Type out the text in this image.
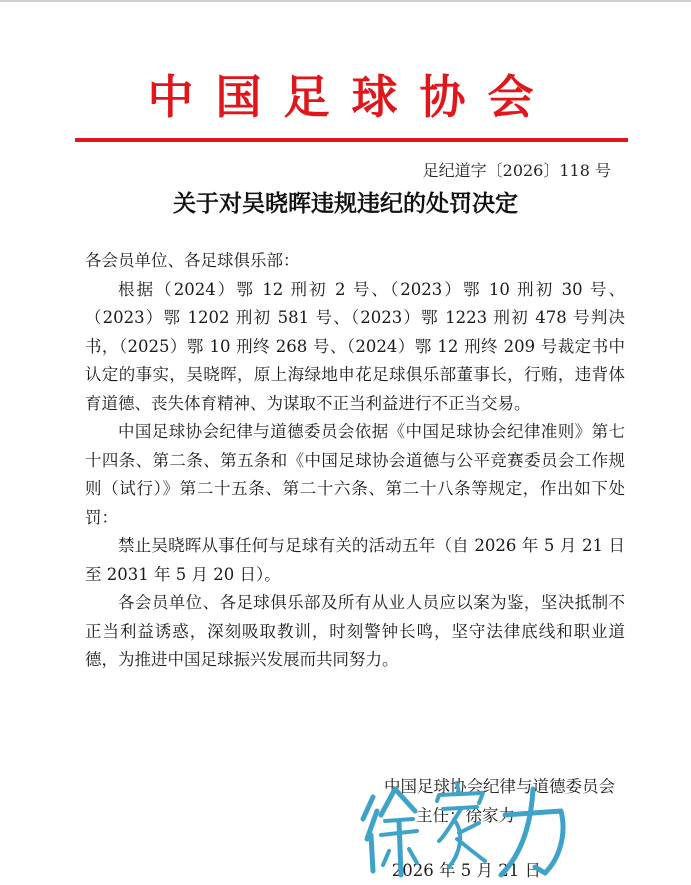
中国足球协会
足纪道字〔2026〕118 号
关于对吴晓晖违规违纪的处罚决定

各会员单位、各足球俱乐部：

根据（2024）鄂 12 刑初 2 号、（2023）鄂 10 刑初 30 号、（2023）鄂 1202 刑初 581 号、（2023）鄂 1223 刑初 478 号判决书，（2025）鄂 10 刑终 268 号、（2024）鄂 12 刑终 209 号裁定书中认定的事实，吴晓晖，原上海绿地申花足球俱乐部董事长，行贿，违背体育道德、丧失体育精神、为谋取不正当利益进行不正当交易。

中国足球协会纪律与道德委员会依据《中国足球协会纪律准则》第七十四条、第二条、第五条和《中国足球协会道德与公平竞赛委员会工作规则（试行）》第二十五条、第二十六条、第二十八条等规定，作出如下处罚：

禁止吴晓晖从事任何与足球有关的活动五年（自 2026 年 5 月 21 日至 2031 年 5 月 20 日）。

各会员单位、各足球俱乐部及所有从业人员应以案为鉴，坚决抵制不正当利益诱惑，深刻吸取教训，时刻警钟长鸣，坚守法律底线和职业道德，为推进中国足球振兴发展而共同努力。

中国足球协会纪律与道德委员会
主任：徐家力
2026 年 5 月 21 日
